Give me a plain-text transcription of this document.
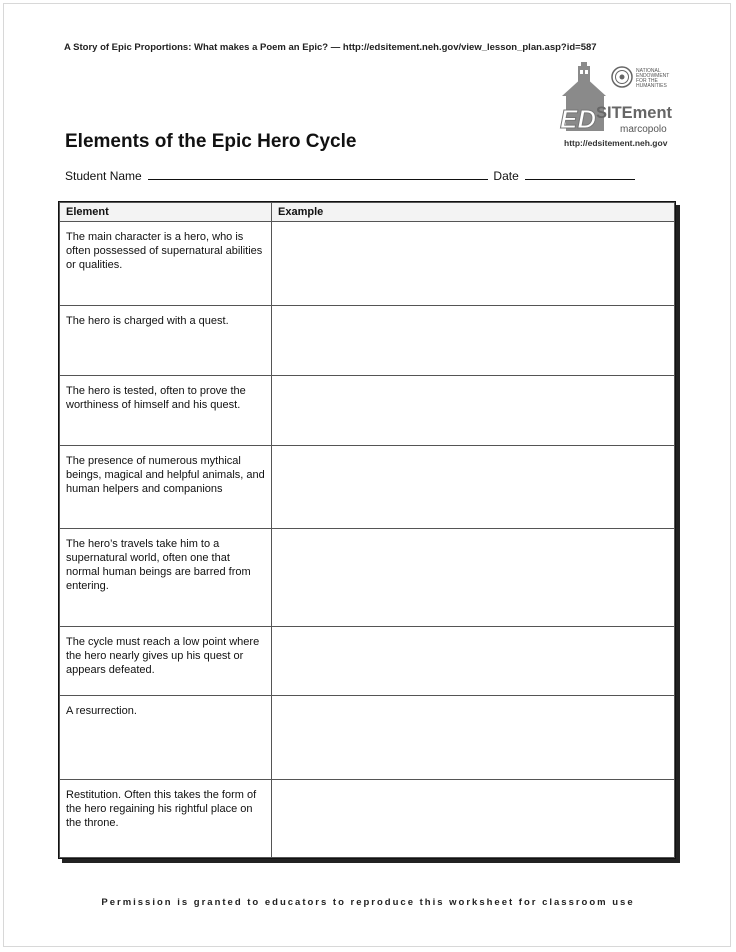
A Story of Epic Proportions: What makes a Poem an Epic? — http://edsitement.neh.gov/view_lesson_plan.asp?id=587
NATIONAL
ENDOWMENT
FOR THE
HUMANITIES
ED SITEment
marcopolo
http://edsitement.neh.gov
Elements of the Epic Hero Cycle
Student Name	Date
Element	Example
The main character is a hero, who is often possessed of supernatural abilities or qualities.	
The hero is charged with a quest.	
The hero is tested, often to prove the worthiness of himself and his quest.	
The presence of numerous mythical beings, magical and helpful animals, and human helpers and companions	
The hero’s travels take him to a supernatural world, often one that normal human beings are barred from entering.	
The cycle must reach a low point where the hero nearly gives up his quest or appears defeated.	
A resurrection.	
Restitution. Often this takes the form of the hero regaining his rightful place on the throne.	
Permission is granted to educators to reproduce this worksheet for classroom use
